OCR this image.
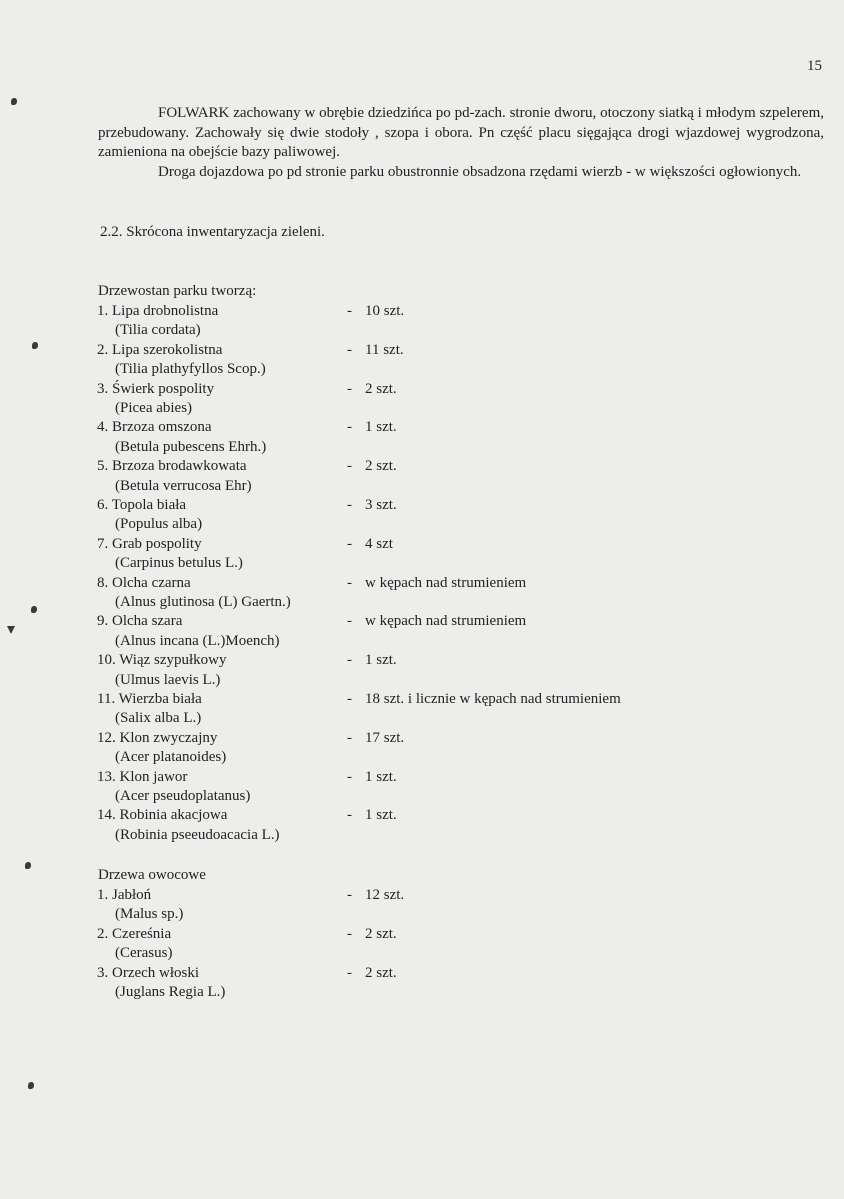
15
FOLWARK zachowany w obrębie dziedzińca po pd-zach. stronie dworu, otoczony siatką i młodym szpelerem, przebudowany. Zachowały się dwie stodoły , szopa i obora. Pn część placu sięgająca drogi wjazdowej wygrodzona, zamieniona na obejście bazy paliwowej.
Droga dojazdowa po pd stronie parku obustronnie obsadzona rzędami wierzb - w większości ogłowionych.
2.2. Skrócona inwentaryzacja zieleni.
Drzewostan parku tworzą:
1. Lipa drobnolistna
(Tilia cordata)
- 10 szt.
2. Lipa szerokolistna
(Tilia plathyfyllos Scop.)
- 11 szt.
3. Świerk pospolity
(Picea abies)
- 2 szt.
4. Brzoza omszona
(Betula pubescens Ehrh.)
- 1 szt.
5. Brzoza brodawkowata
(Betula verrucosa Ehr)
- 2 szt.
6. Topola biała
(Populus alba)
- 3 szt.
7. Grab pospolity
(Carpinus betulus L.)
- 4 szt
8. Olcha czarna
(Alnus glutinosa (L) Gaertn.)
- w kępach nad strumieniem
9. Olcha szara
(Alnus incana (L.)Moench)
- w kępach nad strumieniem
10. Wiąz szypułkowy
(Ulmus laevis L.)
- 1 szt.
11. Wierzba biała
(Salix alba L.)
- 18 szt. i licznie w kępach nad strumieniem
12. Klon zwyczajny
(Acer platanoides)
- 17 szt.
13. Klon jawor
(Acer pseudoplatanus)
- 1 szt.
14. Robinia akacjowa
(Robinia pseeudoacacia L.)
- 1 szt.
Drzewa owocowe
1. Jabłoń
(Malus sp.)
- 12 szt.
2. Czereśnia
(Cerasus)
- 2 szt.
3. Orzech włoski
(Juglans Regia L.)
- 2 szt.
